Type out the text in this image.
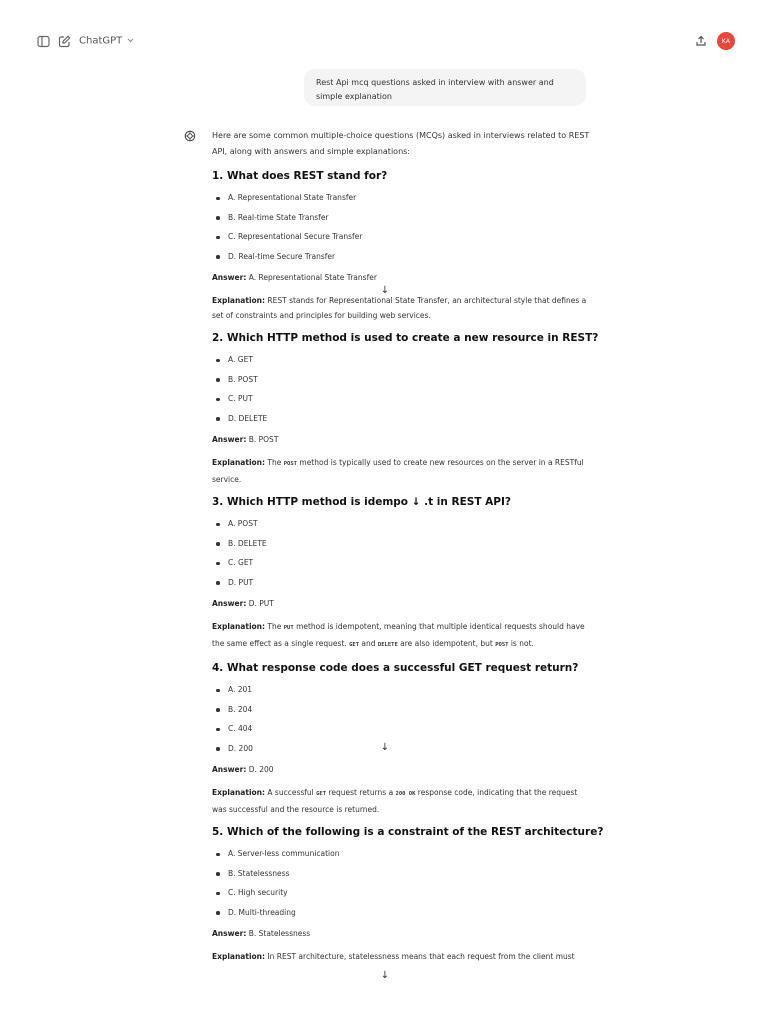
ChatGPT	KA
Rest Api mcq questions asked in interview with answer and simple explanation

Here are some common multiple-choice questions (MCQs) asked in interviews related to REST API, along with answers and simple explanations:

1. What does REST stand for?
A. Representational State Transfer
B. Real-time State Transfer
C. Representational Secure Transfer
D. Real-time Secure Transfer

Answer: A. Representational State Transfer

Explanation: REST stands for Representational State Transfer, an architectural style that defines a set of constraints and principles for building web services.

2. Which HTTP method is used to create a new resource in REST?
A. GET
B. POST
C. PUT
D. DELETE

Answer: B. POST

Explanation: The POST method is typically used to create new resources on the server in a RESTful service.

3. Which HTTP method is idempo ↓ .t in REST API?
A. POST
B. DELETE
C. GET
D. PUT

Answer: D. PUT

Explanation: The PUT method is idempotent, meaning that multiple identical requests should have the same effect as a single request. GET and DELETE are also idempotent, but POST is not.

4. What response code does a successful GET request return?
A. 201
B. 204
C. 404
D. 200

Answer: D. 200

Explanation: A successful GET request returns a 200 OK response code, indicating that the request was successful and the resource is returned.

5. Which of the following is a constraint of the REST architecture?
A. Server-less communication
B. Statelessness
C. High security
D. Multi-threading

Answer: B. Statelessness

Explanation: In REST architecture, statelessness means that each request from the client must

↓
↓
↓
